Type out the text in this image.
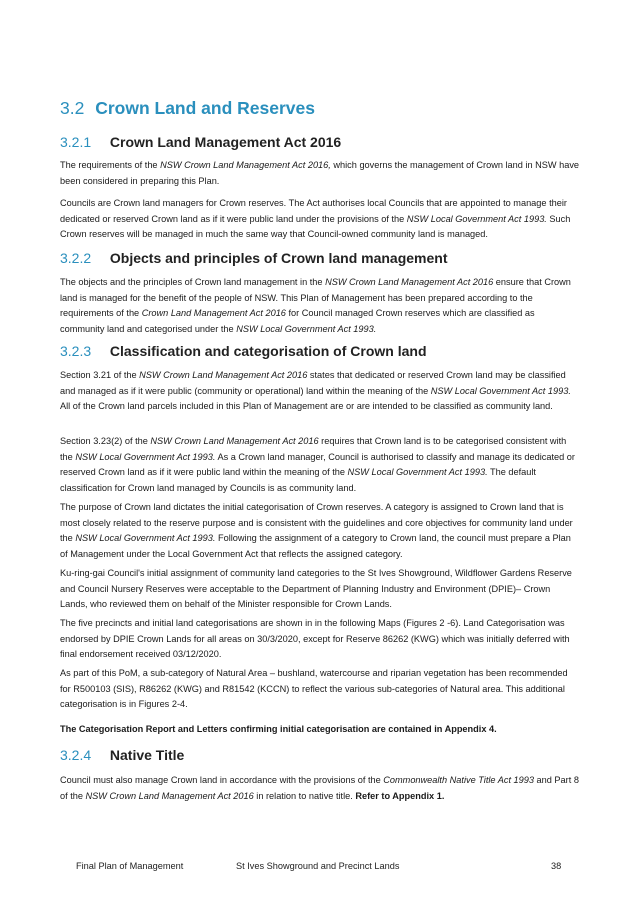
3.2 Crown Land and Reserves
3.2.1 Crown Land Management Act 2016

The requirements of the NSW Crown Land Management Act 2016, which governs the management of Crown land in NSW have been considered in preparing this Plan.

Councils are Crown land managers for Crown reserves. The Act authorises local Councils that are appointed to manage their dedicated or reserved Crown land as if it were public land under the provisions of the NSW Local Government Act 1993. Such Crown reserves will be managed in much the same way that Council-owned community land is managed.

3.2.2 Objects and principles of Crown land management

The objects and the principles of Crown land management in the NSW Crown Land Management Act 2016 ensure that Crown land is managed for the benefit of the people of NSW. This Plan of Management has been prepared according to the requirements of the Crown Land Management Act 2016 for Council managed Crown reserves which are classified as community land and categorised under the NSW Local Government Act 1993.

3.2.3 Classification and categorisation of Crown land

Section 3.21 of the NSW Crown Land Management Act 2016 states that dedicated or reserved Crown land may be classified and managed as if it were public (community or operational) land within the meaning of the NSW Local Government Act 1993. All of the Crown land parcels included in this Plan of Management are or are intended to be classified as community land.

Section 3.23(2) of the NSW Crown Land Management Act 2016 requires that Crown land is to be categorised consistent with the NSW Local Government Act 1993. As a Crown land manager, Council is authorised to classify and manage its dedicated or reserved Crown land as if it were public land within the meaning of the NSW Local Government Act 1993. The default classification for Crown land managed by Councils is as community land.

The purpose of Crown land dictates the initial categorisation of Crown reserves. A category is assigned to Crown land that is most closely related to the reserve purpose and is consistent with the guidelines and core objectives for community land under the NSW Local Government Act 1993. Following the assignment of a category to Crown land, the council must prepare a Plan of Management under the Local Government Act that reflects the assigned category.

Ku-ring-gai Council's initial assignment of community land categories to the St Ives Showground, Wildflower Gardens Reserve and Council Nursery Reserves were acceptable to the Department of Planning Industry and Environment (DPIE)– Crown Lands, who reviewed them on behalf of the Minister responsible for Crown Lands.

The five precincts and initial land categorisations are shown in in the following Maps (Figures 2 -6). Land Categorisation was endorsed by DPIE Crown Lands for all areas on 30/3/2020, except for Reserve 86262 (KWG) which was initially deferred with final endorsement received 03/12/2020.

As part of this PoM, a sub-category of Natural Area – bushland, watercourse and riparian vegetation has been recommended for R500103 (SIS), R86262 (KWG) and R81542 (KCCN) to reflect the various sub-categories of Natural area. This additional categorisation is in Figures 2-4.

The Categorisation Report and Letters confirming initial categorisation are contained in Appendix 4.

3.2.4 Native Title

Council must also manage Crown land in accordance with the provisions of the Commonwealth Native Title Act 1993 and Part 8 of the NSW Crown Land Management Act 2016 in relation to native title. Refer to Appendix 1.

Final Plan of Management	St Ives Showground and Precinct Lands	38
